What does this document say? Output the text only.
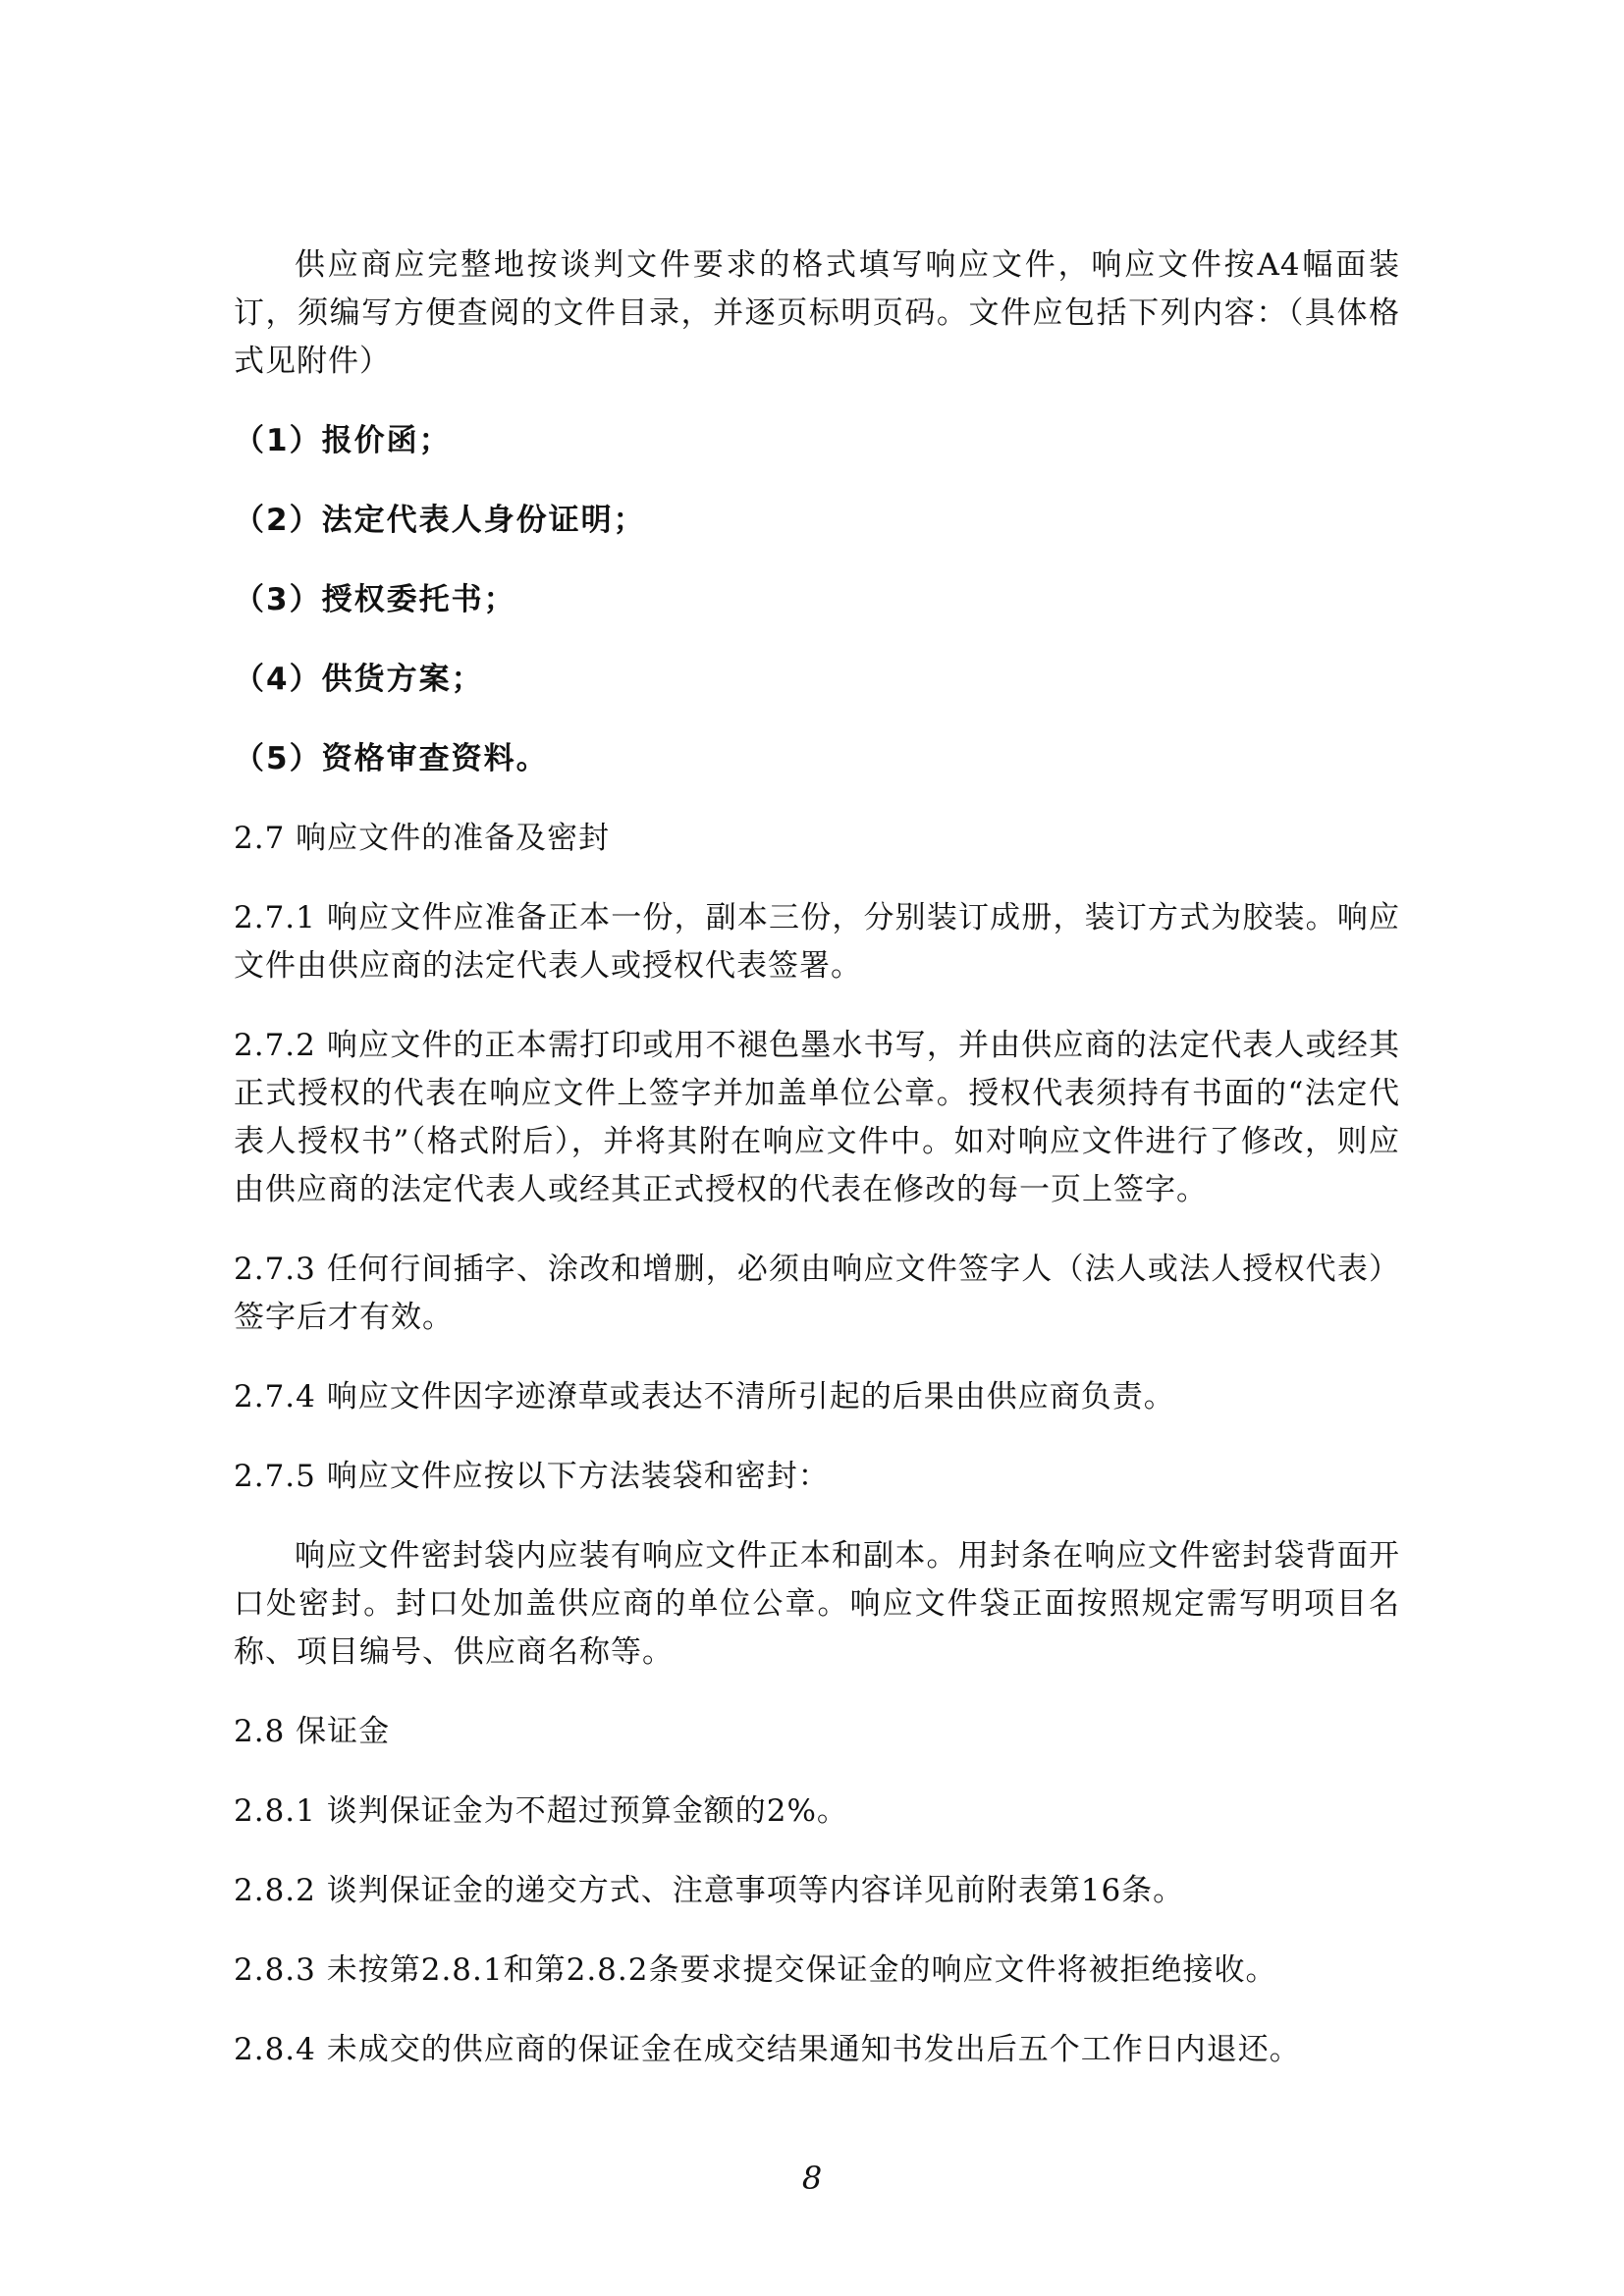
供应商应完整地按谈判文件要求的格式填写响应文件，响应文件按A4幅面装订，须编写方便查阅的文件目录，并逐页标明页码。文件应包括下列内容：（具体格式见附件）

（1）报价函；

（2）法定代表人身份证明；

（3）授权委托书；

（4）供货方案；

（5）资格审查资料。

2.7 响应文件的准备及密封

2.7.1 响应文件应准备正本一份，副本三份，分别装订成册，装订方式为胶装。响应文件由供应商的法定代表人或授权代表签署。

2.7.2 响应文件的正本需打印或用不褪色墨水书写，并由供应商的法定代表人或经其正式授权的代表在响应文件上签字并加盖单位公章。授权代表须持有书面的“法定代表人授权书”（格式附后），并将其附在响应文件中。如对响应文件进行了修改，则应由供应商的法定代表人或经其正式授权的代表在修改的每一页上签字。

2.7.3 任何行间插字、涂改和增删，必须由响应文件签字人（法人或法人授权代表）签字后才有效。

2.7.4 响应文件因字迹潦草或表达不清所引起的后果由供应商负责。

2.7.5 响应文件应按以下方法装袋和密封：

响应文件密封袋内应装有响应文件正本和副本。用封条在响应文件密封袋背面开口处密封。封口处加盖供应商的单位公章。响应文件袋正面按照规定需写明项目名称、项目编号、供应商名称等。

2.8 保证金

2.8.1 谈判保证金为不超过预算金额的2%。

2.8.2 谈判保证金的递交方式、注意事项等内容详见前附表第16条。

2.8.3 未按第2.8.1和第2.8.2条要求提交保证金的响应文件将被拒绝接收。

2.8.4 未成交的供应商的保证金在成交结果通知书发出后五个工作日内退还。

8
